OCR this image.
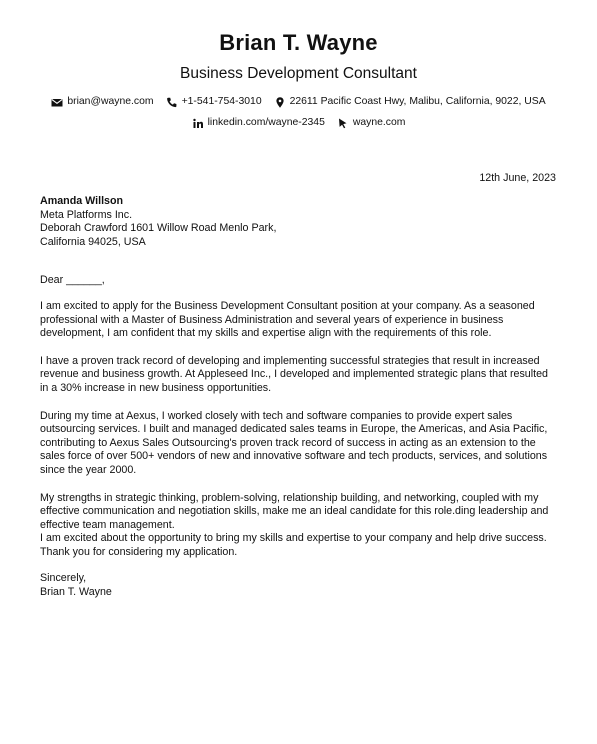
Brian T. Wayne
Business Development Consultant
brian@wayne.com	+1-541-754-3010	22611 Pacific Coast Hwy, Malibu, California, 9022, USA
linkedin.com/wayne-2345	wayne.com
12th June, 2023
Amanda Willson
Meta Platforms Inc.
Deborah Crawford 1601 Willow Road Menlo Park,
California 94025, USA
Dear ______,

I am excited to apply for the Business Development Consultant position at your company. As a seasoned professional with a Master of Business Administration and several years of experience in business development, I am confident that my skills and expertise align with the requirements of this role.

I have a proven track record of developing and implementing successful strategies that result in increased revenue and business growth. At Appleseed Inc., I developed and implemented strategic plans that resulted in a 30% increase in new business opportunities.

During my time at Aexus, I worked closely with tech and software companies to provide expert sales outsourcing services. I built and managed dedicated sales teams in Europe, the Americas, and Asia Pacific, contributing to Aexus Sales Outsourcing's proven track record of success in acting as an extension to the sales force of over 500+ vendors of new and innovative software and tech products, services, and solutions since the year 2000.

My strengths in strategic thinking, problem-solving, relationship building, and networking, coupled with my effective communication and negotiation skills, make me an ideal candidate for this role.ding leadership and effective team management.

I am excited about the opportunity to bring my skills and expertise to your company and help drive success. Thank you for considering my application.

Sincerely,
Brian T. Wayne
